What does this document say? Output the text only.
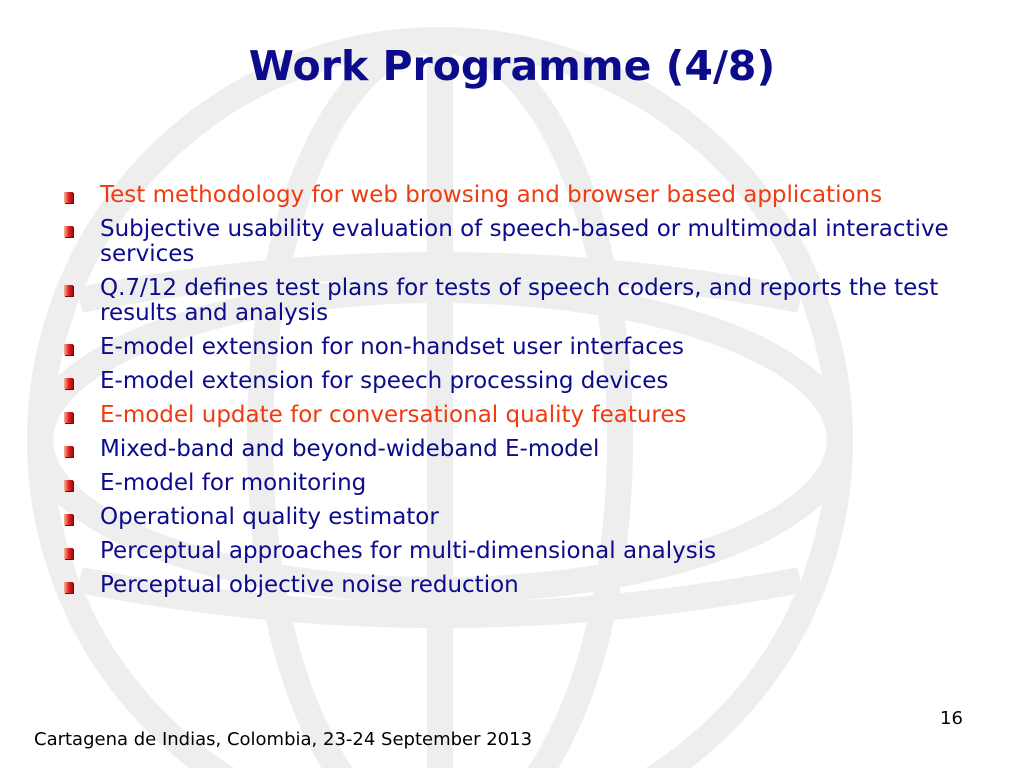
Work Programme (4/8)
Test methodology for web browsing and browser based applications
Subjective usability evaluation of speech-based or multimodal interactive services
Q.7/12 defines test plans for tests of speech coders, and reports the test results and analysis
E-model extension for non-handset user interfaces
E-model extension for speech processing devices
E-model update for conversational quality features
Mixed-band and beyond-wideband E-model
E-model for monitoring
Operational quality estimator
Perceptual approaches for multi-dimensional analysis
Perceptual objective noise reduction
16
Cartagena de Indias, Colombia, 23-24 September 2013
